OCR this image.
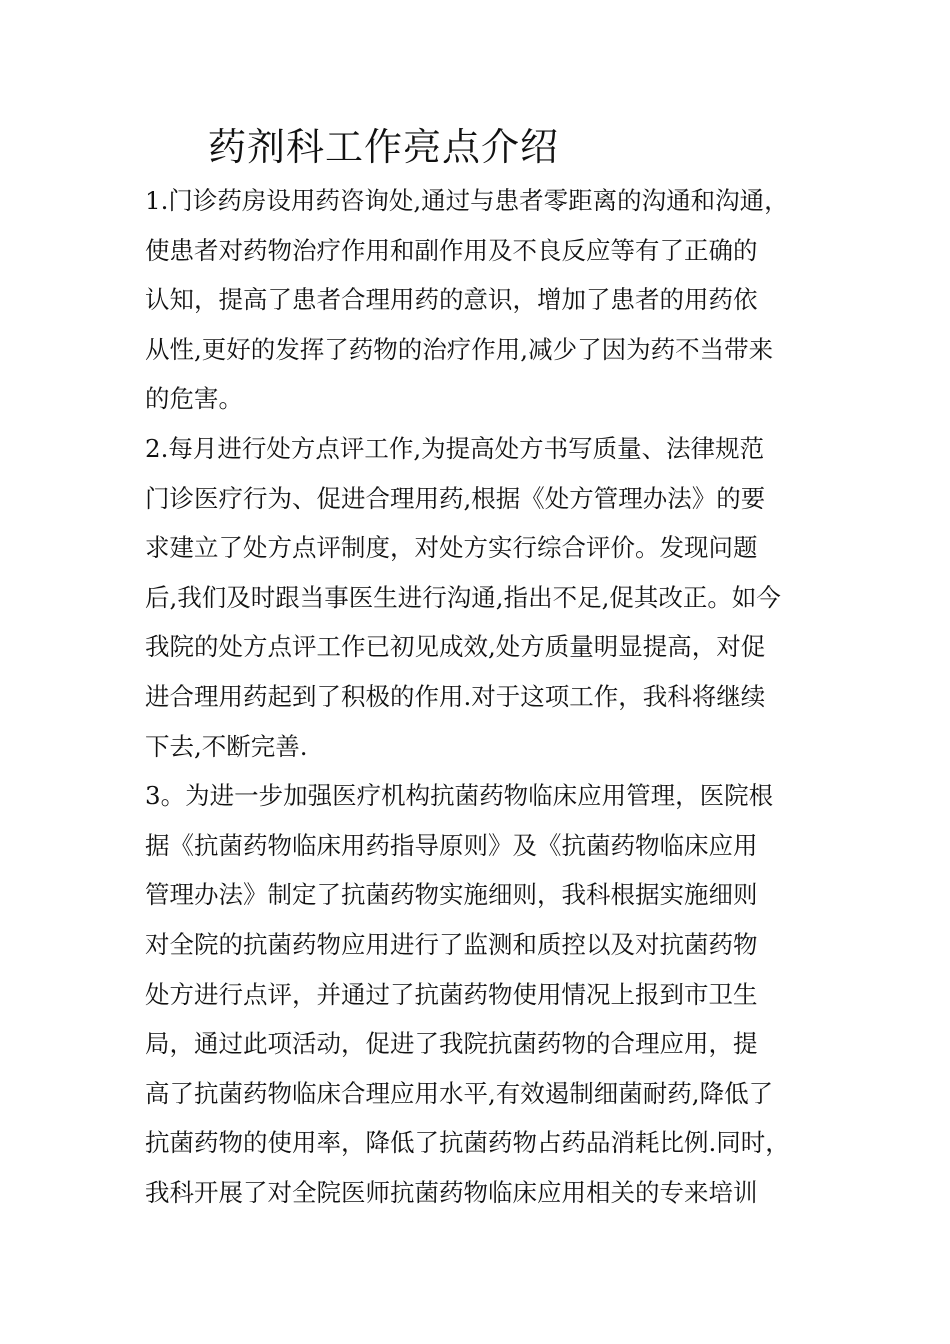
药剂科工作亮点介绍
1.门诊药房设用药咨询处,通过与患者零距离的沟通和沟通，
使患者对药物治疗作用和副作用及不良反应等有了正确的
认知，提高了患者合理用药的意识，增加了患者的用药依
从性,更好的发挥了药物的治疗作用,减少了因为药不当带来
的危害。
2.每月进行处方点评工作,为提高处方书写质量、法律规范
门诊医疗行为、促进合理用药,根据《处方管理办法》的要
求建立了处方点评制度，对处方实行综合评价。发现问题
后,我们及时跟当事医生进行沟通,指出不足,促其改正。如今
我院的处方点评工作已初见成效,处方质量明显提高，对促
进合理用药起到了积极的作用.对于这项工作，我科将继续
下去,不断完善.
3。为进一步加强医疗机构抗菌药物临床应用管理，医院根
据《抗菌药物临床用药指导原则》及《抗菌药物临床应用
管理办法》制定了抗菌药物实施细则，我科根据实施细则
对全院的抗菌药物应用进行了监测和质控以及对抗菌药物
处方进行点评，并通过了抗菌药物使用情况上报到市卫生
局，通过此项活动，促进了我院抗菌药物的合理应用，提
高了抗菌药物临床合理应用水平,有效遏制细菌耐药,降低了
抗菌药物的使用率，降低了抗菌药物占药品消耗比例.同时，
我科开展了对全院医师抗菌药物临床应用相关的专来培训
